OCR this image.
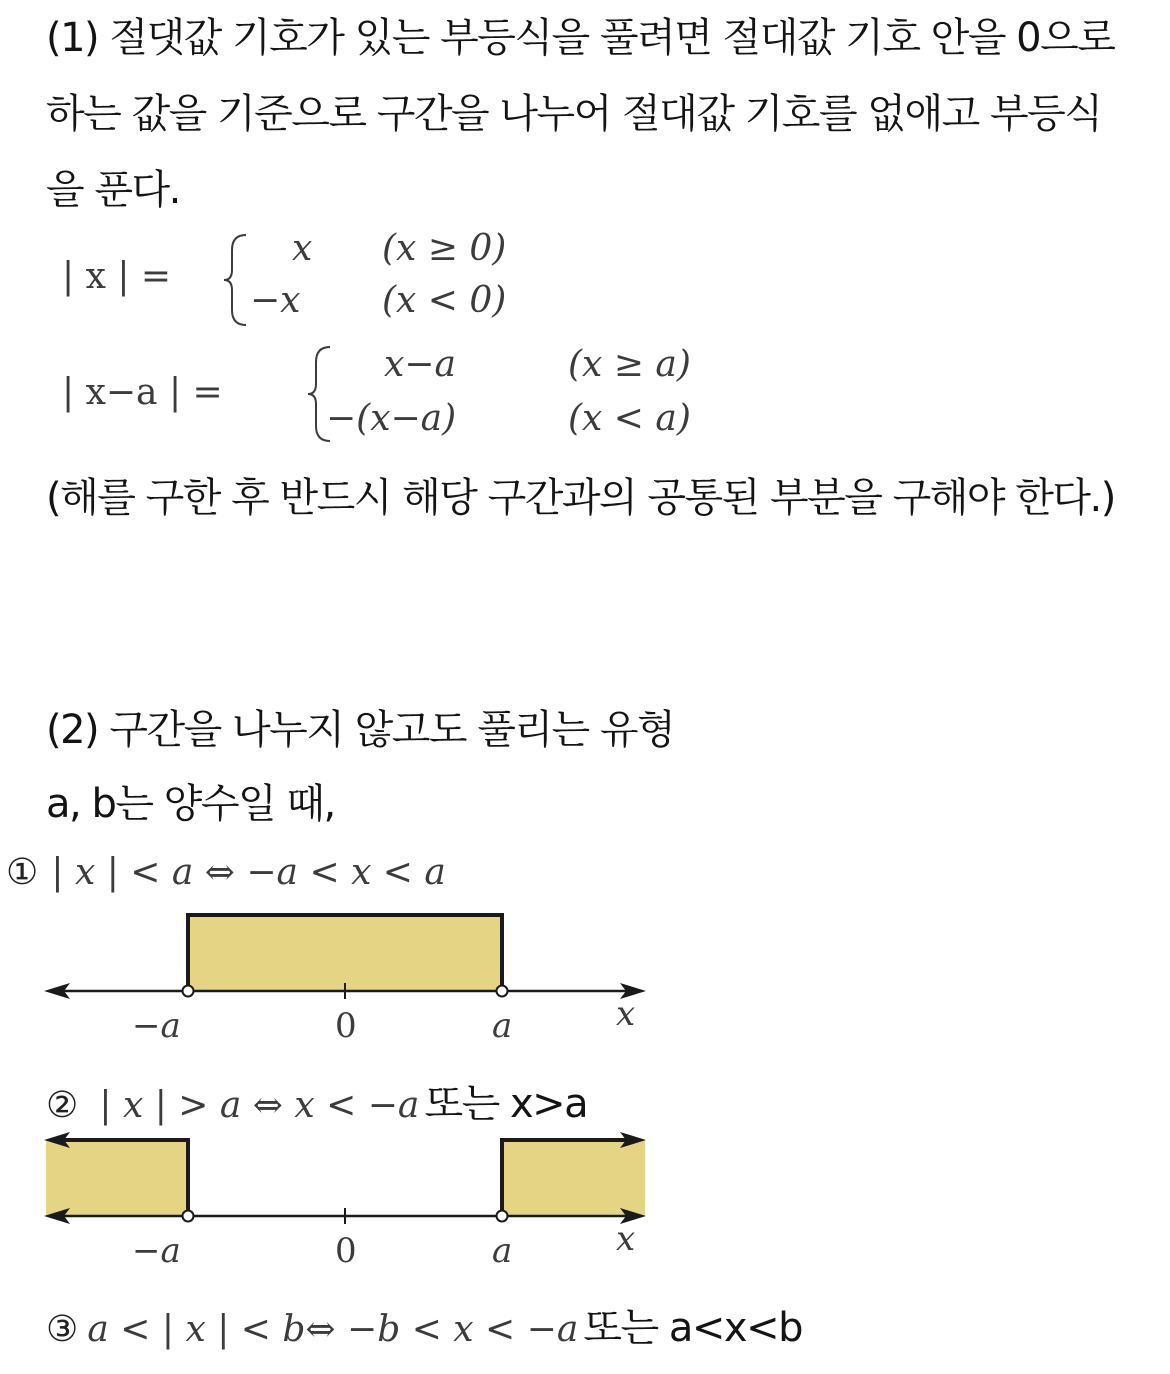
(1) 절댓값 기호가 있는 부등식을 풀려면 절대값 기호 안을 0으로 하는 값을 기준으로 구간을 나누어 절대값 기호를 없애고 부등식을 푼다.
| x | =
x (x ≥ 0)
−x (x < 0)
| x−a | =
x−a	(x ≥ a)
−(x−a)	(x < a)
(해를 구한 후 반드시 해당 구간과의 공통된 부분을 구해야 한다.)
(2) 구간을 나누지 않고도 풀리는 유형
a, b는 양수일 때,
① | x | < a ⇔ −a < x < a
−a	0	a	x
② | x | > a ⇔ x < −a 또는 x>a
−a	0	a	x
③ a < | x | < b⇔ −b < x < −a 또는 a<x<b
